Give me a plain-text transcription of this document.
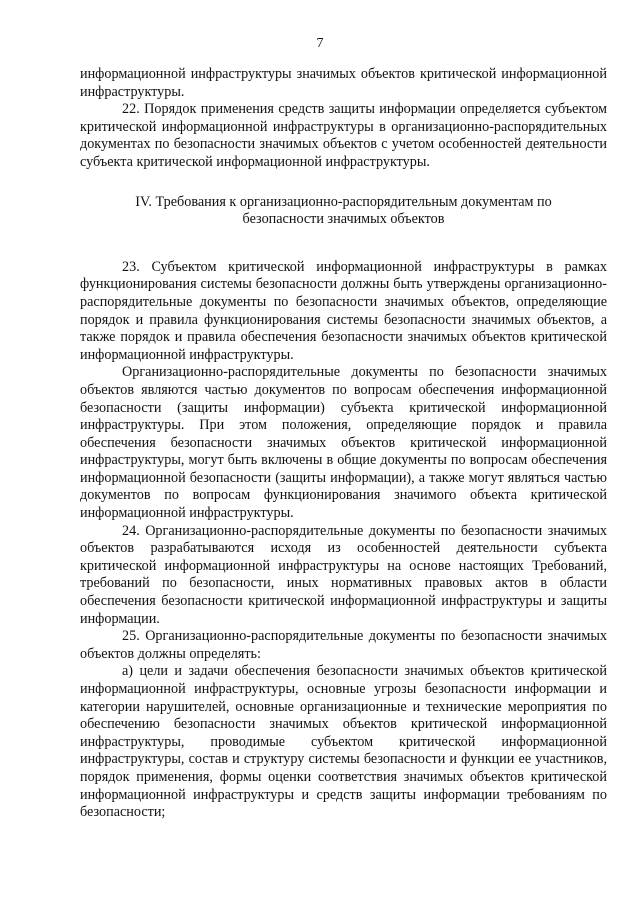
7

информационной инфраструктуры значимых объектов критической информационной инфраструктуры.

22. Порядок применения средств защиты информации определяется субъектом критической информационной инфраструктуры в организационно-распорядительных документах по безопасности значимых объектов с учетом особенностей деятельности субъекта критической информационной инфраструктуры.

IV. Требования к организационно-распорядительным документам по
безопасности значимых объектов

23. Субъектом критической информационной инфраструктуры в рамках функционирования системы безопасности должны быть утверждены организационно-распорядительные документы по безопасности значимых объектов, определяющие порядок и правила функционирования системы безопасности значимых объектов, а также порядок и правила обеспечения безопасности значимых объектов критической информационной инфраструктуры.

Организационно-распорядительные документы по безопасности значимых объектов являются частью документов по вопросам обеспечения информационной безопасности (защиты информации) субъекта критической информационной инфраструктуры. При этом положения, определяющие порядок и правила обеспечения безопасности значимых объектов критической информационной инфраструктуры, могут быть включены в общие документы по вопросам обеспечения информационной безопасности (защиты информации), а также могут являться частью документов по вопросам функционирования значимого объекта критической информационной инфраструктуры.

24. Организационно-распорядительные документы по безопасности значимых объектов разрабатываются исходя из особенностей деятельности субъекта критической информационной инфраструктуры на основе настоящих Требований, требований по безопасности, иных нормативных правовых актов в области обеспечения безопасности критической информационной инфраструктуры и защиты информации.

25. Организационно-распорядительные документы по безопасности значимых объектов должны определять:

а) цели и задачи обеспечения безопасности значимых объектов критической информационной инфраструктуры, основные угрозы безопасности информации и категории нарушителей, основные организационные и технические мероприятия по обеспечению безопасности значимых объектов критической информационной инфраструктуры, проводимые субъектом критической информационной инфраструктуры, состав и структуру системы безопасности и функции ее участников, порядок применения, формы оценки соответствия значимых объектов критической информационной инфраструктуры и средств защиты информации требованиям по безопасности;
